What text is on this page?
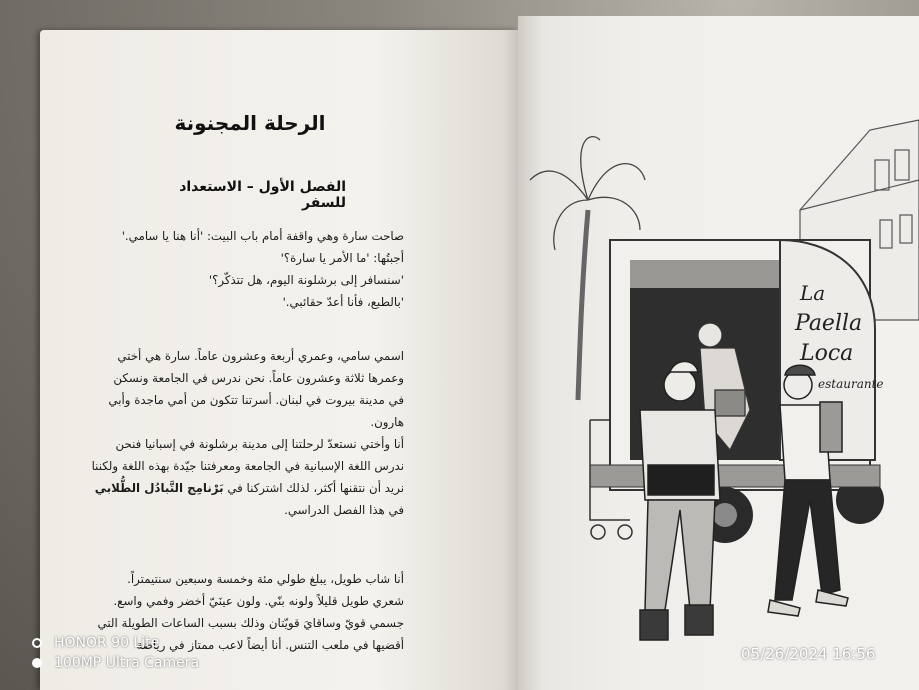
الرحلة المجنونة
الفصل الأول – الاستعداد للسفر
صاحت سارة وهي واقفة أمام باب البيت: 'أنا هنا يا سامي.'
أجبتُها: 'ما الأمر يا سارة؟'
'سنسافر إلى برشلونة اليوم، هل تتذكّر؟'
'بالطبع، فأنا أعدّ حقائبي.'
اسمي سامي، وعمري أربعة وعشرون عاماً. سارة هي أختي
وعمرها ثلاثة وعشرون عاماً. نحن ندرس في الجامعة ونسكن
في مدينة بيروت في لبنان. أسرتنا تتكون من أمي ماجدة وأبي
هارون.
أنا وأختي نستعدّ لرحلتنا إلى مدينة برشلونة في إسبانيا فنحن
ندرس اللغة الإسبانية في الجامعة ومعرفتنا جيّدة بهذه اللغة ولكننا
نريد أن نتقنها أكثر، لذلك اشتركنا في بَرْنامِج التَّبادُل الطُّلابي
في هذا الفصل الدراسي.
أنا شاب طويل، يبلغ طولي مئة وخمسة وسبعين سنتيمتراً.
شعري طويل قليلاً ولونه بنّي. ولون عينَيّ أخضر وفمي واسع.
جسمي قويّ وساقايَ قويّتان وذلك بسبب الساعات الطويلة التي
أقضيها في ملعب التنس. أنا أيضاً لاعب ممتاز في رياضة
La
Paella
Loca
estaurante
HONOR 90 Lite
100MP Ultra Camera	05/26/2024 16:56
